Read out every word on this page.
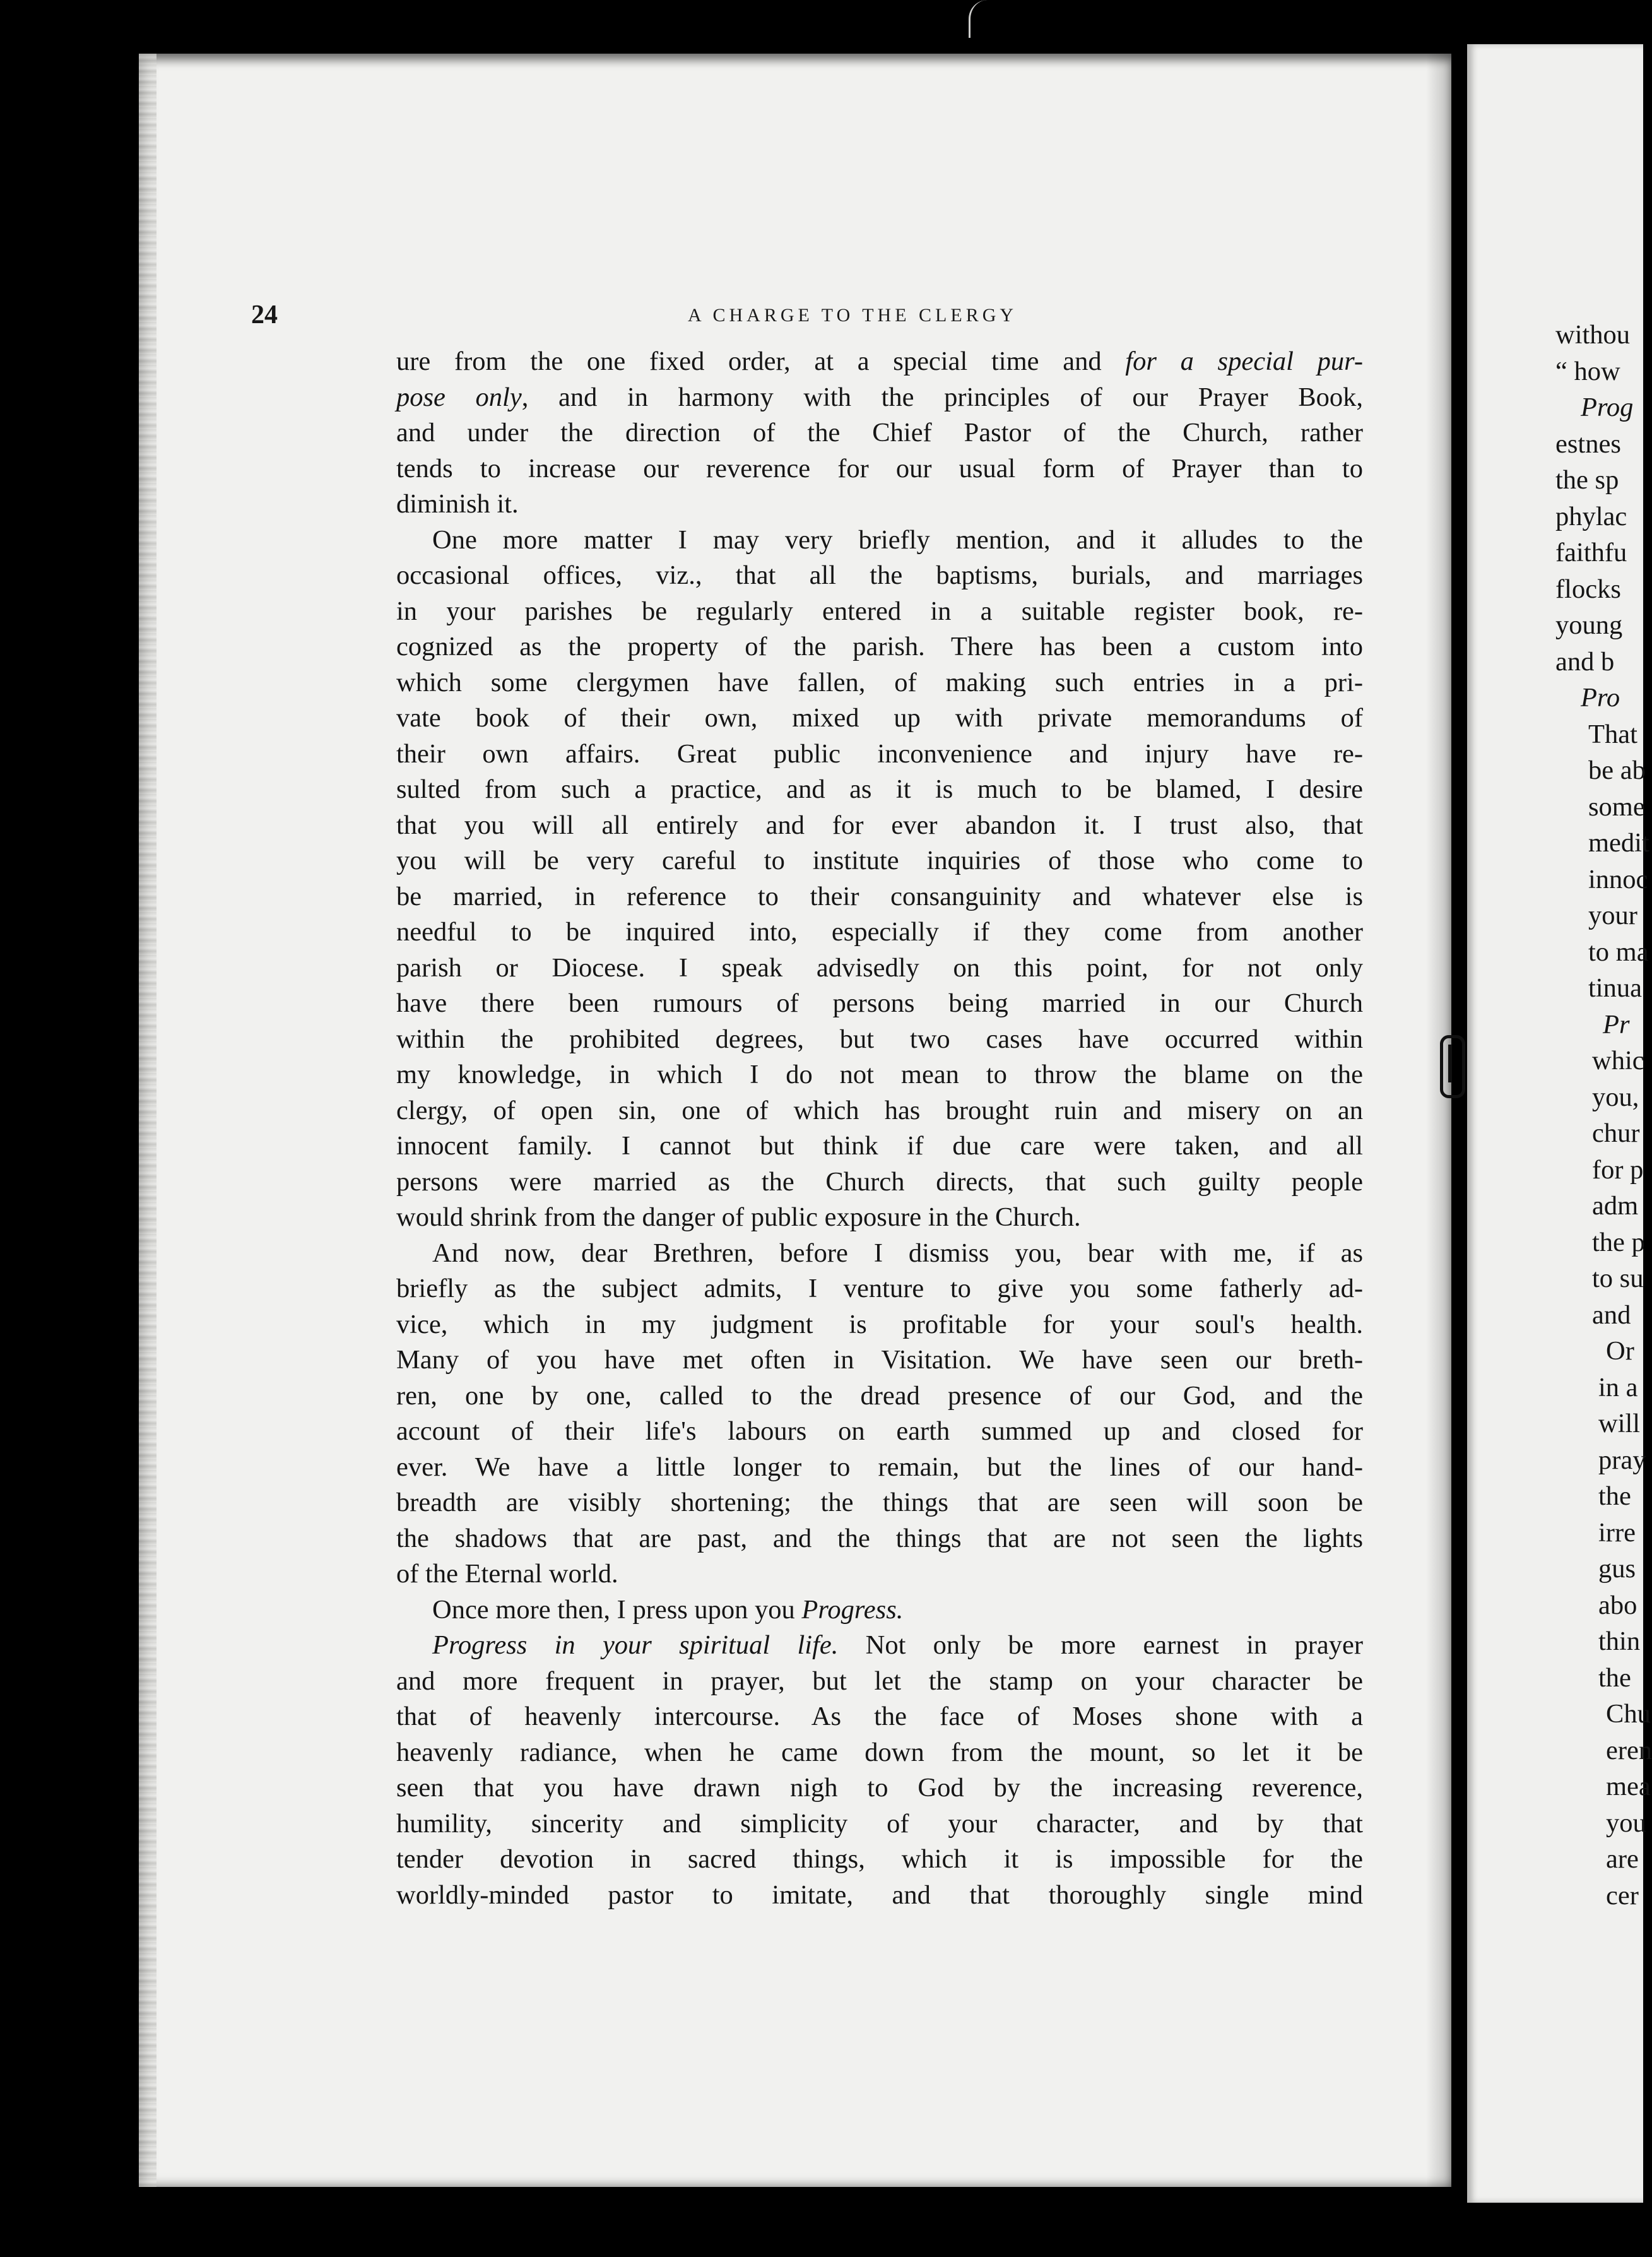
24	A CHARGE TO THE CLERGY
ure from the one fixed order, at a special time and for a special pur-
pose only, and in harmony with the principles of our Prayer Book,
and under the direction of the Chief Pastor of the Church, rather
tends to increase our reverence for our usual form of Prayer than to
diminish it.
One more matter I may very briefly mention, and it alludes to the
occasional offices, viz., that all the baptisms, burials, and marriages
in your parishes be regularly entered in a suitable register book, re-
cognized as the property of the parish. There has been a custom into
which some clergymen have fallen, of making such entries in a pri-
vate book of their own, mixed up with private memorandums of
their own affairs. Great public inconvenience and injury have re-
sulted from such a practice, and as it is much to be blamed, I desire
that you will all entirely and for ever abandon it. I trust also, that
you will be very careful to institute inquiries of those who come to
be married, in reference to their consanguinity and whatever else is
needful to be inquired into, especially if they come from another
parish or Diocese. I speak advisedly on this point, for not only
have there been rumours of persons being married in our Church
within the prohibited degrees, but two cases have occurred within
my knowledge, in which I do not mean to throw the blame on the
clergy, of open sin, one of which has brought ruin and misery on an
innocent family. I cannot but think if due care were taken, and all
persons were married as the Church directs, that such guilty people
would shrink from the danger of public exposure in the Church.
And now, dear Brethren, before I dismiss you, bear with me, if as
briefly as the subject admits, I venture to give you some fatherly ad-
vice, which in my judgment is profitable for your soul's health.
Many of you have met often in Visitation. We have seen our breth-
ren, one by one, called to the dread presence of our God, and the
account of their life's labours on earth summed up and closed for
ever. We have a little longer to remain, but the lines of our hand-
breadth are visibly shortening; the things that are seen will soon be
the shadows that are past, and the things that are not seen the lights
of the Eternal world.
Once more then, I press upon you Progress.
Progress in your spiritual life. Not only be more earnest in prayer
and more frequent in prayer, but let the stamp on your character be
that of heavenly intercourse. As the face of Moses shone with a
heavenly radiance, when he came down from the mount, so let it be
seen that you have drawn nigh to God by the increasing reverence,
humility, sincerity and simplicity of your character, and by that
tender devotion in sacred things, which it is impossible for the
worldly-minded pastor to imitate, and that thoroughly single mind
withou
“ how
Prog
estnes
the sp
phylac
faithfu
flocks
young
and b
Pro
That
be ab
some
medit
innoc
your
to ma
tinua
Pr
whic
you,
chur
for p
adm
the p
to su
and
Or
in a
will
pray
the
irre
gus
abo
thin
the
Chu
eren
mea
you
are
cer
